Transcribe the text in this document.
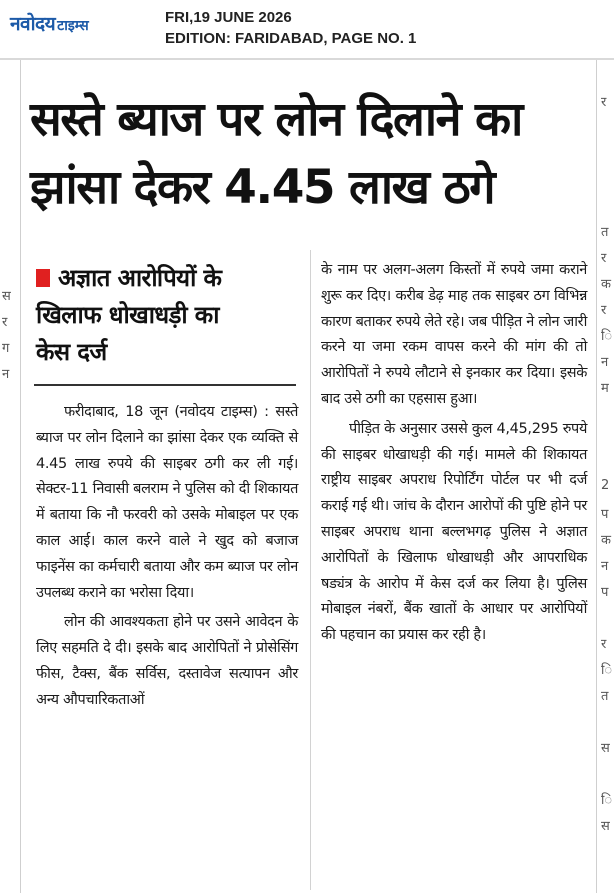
नवोदय टाइम्स	FRI,19 JUNE 2026
EDITION: FARIDABAD, PAGE NO. 1
स
र
ग
न
र
त
र
क
र
ि
न
म
2
प
क
न
प
र
ि
त
स
ि
स
सस्ते ब्याज पर लोन दिलाने का
झांसा देकर 4.45 लाख ठगे
अज्ञात आरोपियों के
खिलाफ धोखाधड़ी का
केस दर्ज

फरीदाबाद, 18 जून (नवोदय टाइम्स) : सस्ते ब्याज पर लोन दिलाने का झांसा देकर एक व्यक्ति से 4.45 लाख रुपये की साइबर ठगी कर ली गई। सेक्टर-11 निवासी बलराम ने पुलिस को दी शिकायत में बताया कि नौ फरवरी को उसके मोबाइल पर एक काल आई। काल करने वाले ने खुद को बजाज फाइनेंस का कर्मचारी बताया और कम ब्याज पर लोन उपलब्ध कराने का भरोसा दिया।

लोन की आवश्यकता होने पर उसने आवेदन के लिए सहमति दे दी। इसके बाद आरोपितों ने प्रोसेसिंग फीस, टैक्स, बैंक सर्विस, दस्तावेज सत्यापन और अन्य औपचारिकताओं

के नाम पर अलग-अलग किस्तों में रुपये जमा कराने शुरू कर दिए। करीब डेढ़ माह तक साइबर ठग विभिन्न कारण बताकर रुपये लेते रहे। जब पीड़ित ने लोन जारी करने या जमा रकम वापस करने की मांग की तो आरोपितों ने रुपये लौटाने से इनकार कर दिया। इसके बाद उसे ठगी का एहसास हुआ।

पीड़ित के अनुसार उससे कुल 4,45,295 रुपये की साइबर धोखाधड़ी की गई। मामले की शिकायत राष्ट्रीय साइबर अपराध रिपोर्टिंग पोर्टल पर भी दर्ज कराई गई थी। जांच के दौरान आरोपों की पुष्टि होने पर साइबर अपराध थाना बल्लभगढ़ पुलिस ने अज्ञात आरोपितों के खिलाफ धोखाधड़ी और आपराधिक षड्यंत्र के आरोप में केस दर्ज कर लिया है। पुलिस मोबाइल नंबरों, बैंक खातों के आधार पर आरोपियों की पहचान का प्रयास कर रही है।
